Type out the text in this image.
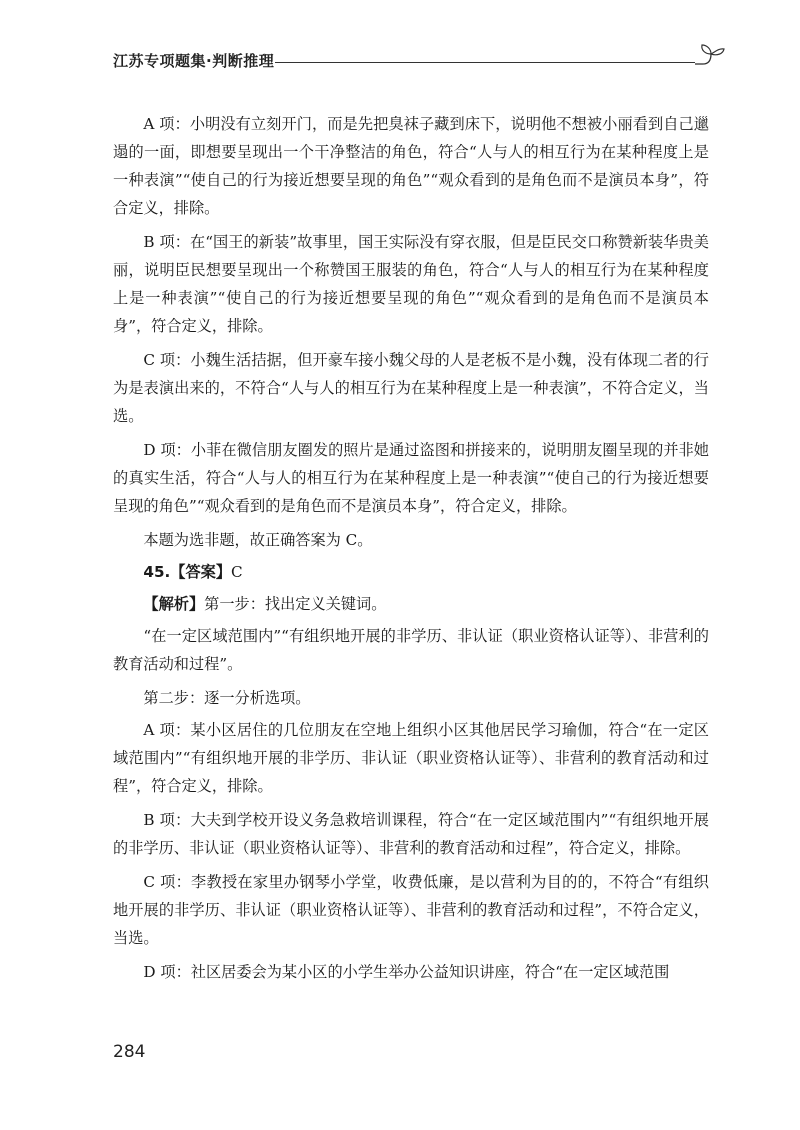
江苏专项题集·判断推理

A 项：小明没有立刻开门，而是先把臭袜子藏到床下，说明他不想被小丽看到自己邋遢的一面，即想要呈现出一个干净整洁的角色，符合“人与人的相互行为在某种程度上是一种表演”“使自己的行为接近想要呈现的角色”“观众看到的是角色而不是演员本身”，符合定义，排除。

B 项：在“国王的新装”故事里，国王实际没有穿衣服，但是臣民交口称赞新装华贵美丽，说明臣民想要呈现出一个称赞国王服装的角色，符合“人与人的相互行为在某种程度上是一种表演”“使自己的行为接近想要呈现的角色”“观众看到的是角色而不是演员本身”，符合定义，排除。

C 项：小魏生活拮据，但开豪车接小魏父母的人是老板不是小魏，没有体现二者的行为是表演出来的，不符合“人与人的相互行为在某种程度上是一种表演”，不符合定义，当选。

D 项：小菲在微信朋友圈发的照片是通过盗图和拼接来的，说明朋友圈呈现的并非她的真实生活，符合“人与人的相互行为在某种程度上是一种表演”“使自己的行为接近想要呈现的角色”“观众看到的是角色而不是演员本身”，符合定义，排除。

本题为选非题，故正确答案为 C。

45.【答案】C

【解析】第一步：找出定义关键词。

“在一定区域范围内”“有组织地开展的非学历、非认证（职业资格认证等）、非营利的教育活动和过程”。

第二步：逐一分析选项。

A 项：某小区居住的几位朋友在空地上组织小区其他居民学习瑜伽，符合“在一定区域范围内”“有组织地开展的非学历、非认证（职业资格认证等）、非营利的教育活动和过程”，符合定义，排除。

B 项：大夫到学校开设义务急救培训课程，符合“在一定区域范围内”“有组织地开展的非学历、非认证（职业资格认证等）、非营利的教育活动和过程”，符合定义，排除。

C 项：李教授在家里办钢琴小学堂，收费低廉，是以营利为目的的，不符合“有组织地开展的非学历、非认证（职业资格认证等）、非营利的教育活动和过程”，不符合定义，当选。

D 项：社区居委会为某小区的小学生举办公益知识讲座，符合“在一定区域范围

284
